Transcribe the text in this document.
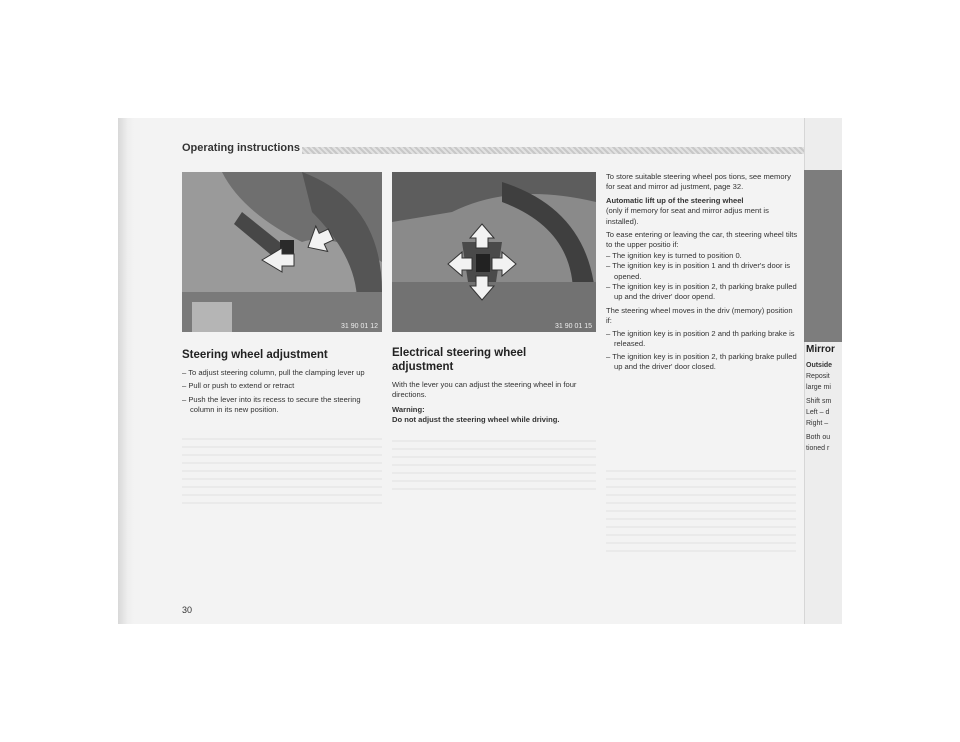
Operating instructions
31 90 01 12	31 90 01 15
Steering wheel adjustment

– To adjust steering column, pull the clamping lever up

– Pull or push to extend or retract

– Push the lever into its recess to secure the steering column in its new position.

Electrical steering wheel
adjustment

With the lever you can adjust the steering wheel in four directions.

Warning:

Do not adjust the steering wheel while driving.

To store suitable steering wheel pos tions, see memory for seat and mirror ad justment, page 32.

Automatic lift up of the steering wheel

(only if memory for seat and mirror adjus ment is installed).

To ease entering or leaving the car, th steering wheel tilts to the upper positio if:

– The ignition key is turned to position 0.

– The ignition key is in position 1 and th driver's door is opened.

– The ignition key is in position 2, th parking brake pulled up and the driver' door opend.

The steering wheel moves in the driv (memory) position if:

– The ignition key is in position 2 and th parking brake is released.

– The ignition key is in position 2, th parking brake pulled up and the driver' door closed.

Mirror
Outside
Reposit
large mi
Shift sm
Left – d
Right –
Both ou
tioned r
30
